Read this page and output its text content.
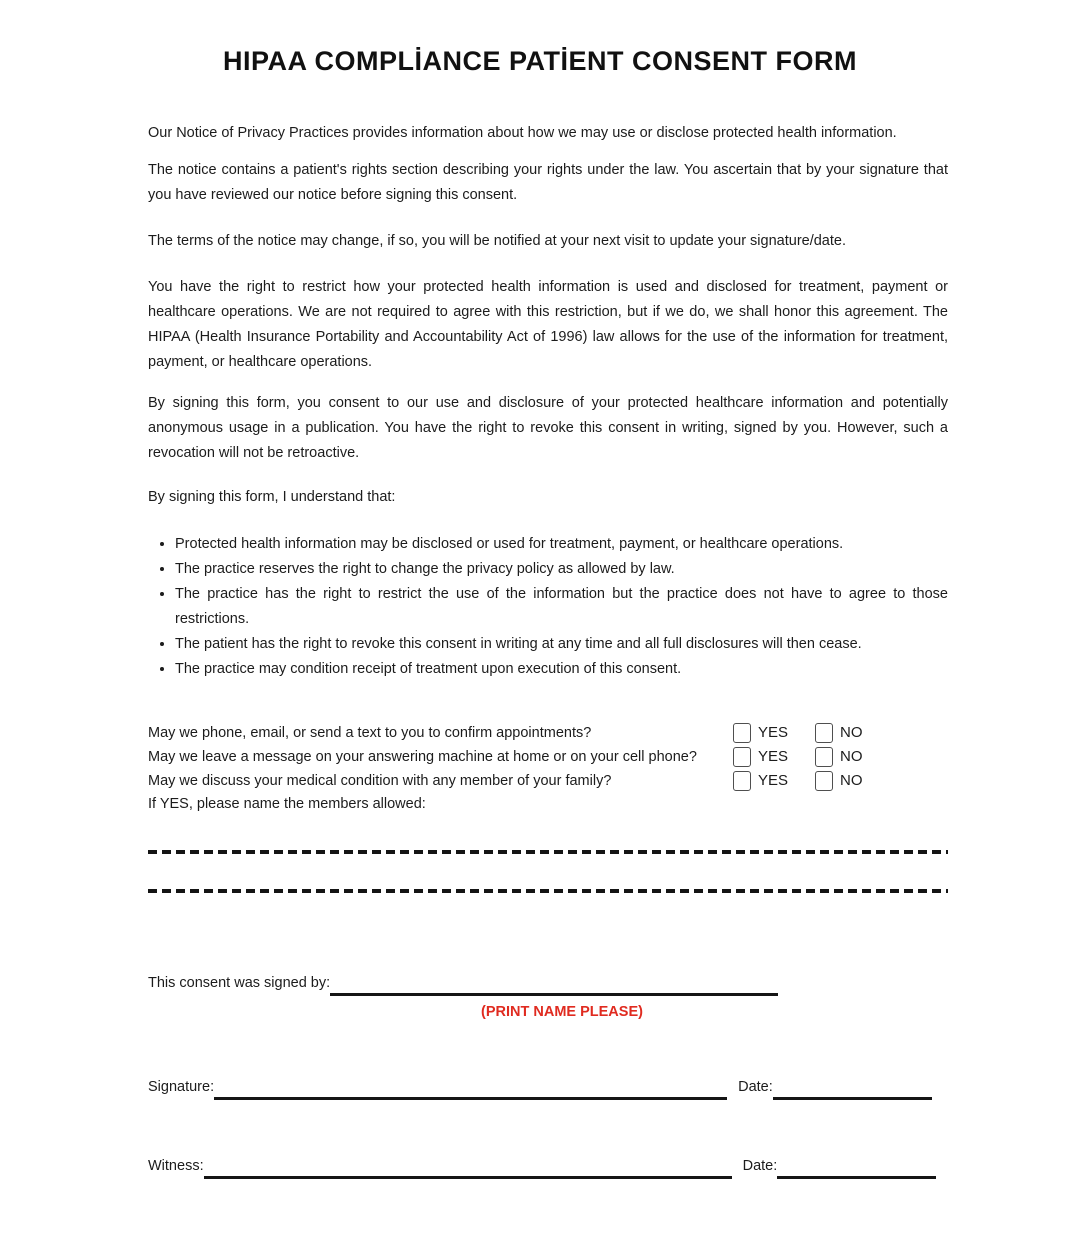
HIPAA COMPLİANCE PATİENT CONSENT FORM

Our Notice of Privacy Practices provides information about how we may use or disclose protected health information.

The notice contains a patient's rights section describing your rights under the law. You ascertain that by your signature that you have reviewed our notice before signing this consent.

The terms of the notice may change, if so, you will be notified at your next visit to update your signature/date.

You have the right to restrict how your protected health information is used and disclosed for treatment, payment or healthcare operations. We are not required to agree with this restriction, but if we do, we shall honor this agreement. The HIPAA (Health Insurance Portability and Accountability Act of 1996) law allows for the use of the information for treatment, payment, or healthcare operations.

By signing this form, you consent to our use and disclosure of your protected healthcare information and potentially anonymous usage in a publication. You have the right to revoke this consent in writing, signed by you. However, such a revocation will not be retroactive.

By signing this form, I understand that:

• Protected health information may be disclosed or used for treatment, payment, or healthcare operations.
• The practice reserves the right to change the privacy policy as allowed by law.
• The practice has the right to restrict the use of the information but the practice does not have to agree to those restrictions.
• The patient has the right to revoke this consent in writing at any time and all full disclosures will then cease.
• The practice may condition receipt of treatment upon execution of this consent.
May we phone, email, or send a text to you to confirm appointments?	YES	NO
May we leave a message on your answering machine at home or on your cell phone?	YES	NO
May we discuss your medical condition with any member of your family?	YES	NO
If YES, please name the members allowed:
This consent was signed by:
(PRINT NAME PLEASE)
Signature:	Date:
Witness:	Date:
